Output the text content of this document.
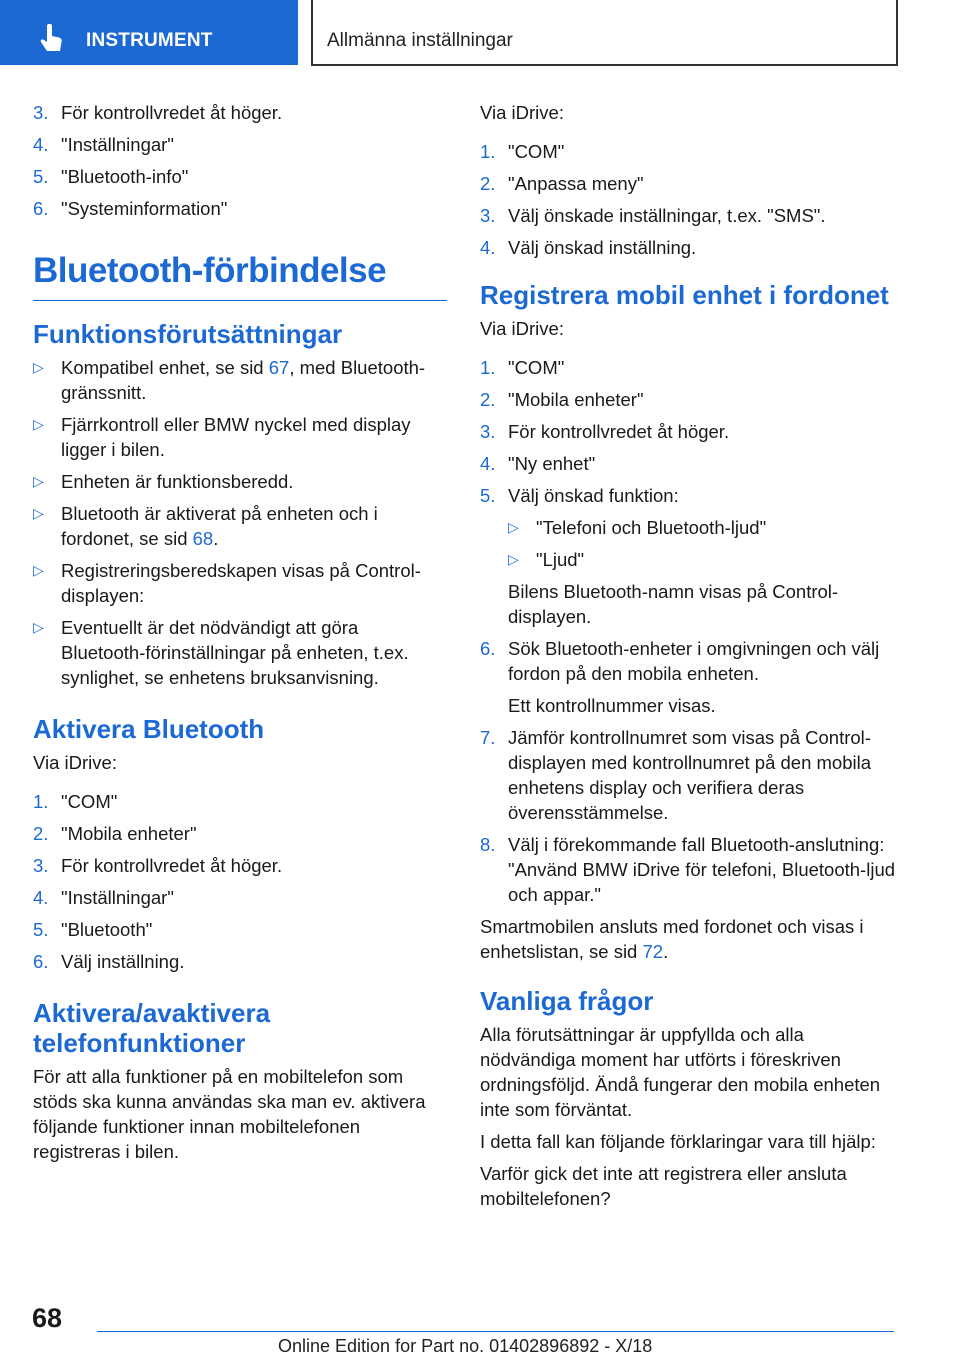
INSTRUMENT	Allmänna inställningar
3. För kontrollvredet åt höger.
4. "Inställningar"
5. "Bluetooth-info"
6. "Systeminformation"
Bluetooth-förbindelse
Funktionsförutsättningar
▷ Kompatibel enhet, se sid 67, med Bluetooth-gränssnitt.
▷ Fjärrkontroll eller BMW nyckel med display ligger i bilen.
▷ Enheten är funktionsberedd.
▷ Bluetooth är aktiverat på enheten och i fordonet, se sid 68.
▷ Registreringsberedskapen visas på Control-displayen:
▷ Eventuellt är det nödvändigt att göra Bluetooth-förinställningar på enheten, t.ex. synlighet, se enhetens bruksanvisning.
Aktivera Bluetooth

Via iDrive:

1. "COM"
2. "Mobila enheter"
3. För kontrollvredet åt höger.
4. "Inställningar"
5. "Bluetooth"
6. Välj inställning.
Aktivera/avaktivera telefonfunktioner

För att alla funktioner på en mobiltelefon som stöds ska kunna användas ska man ev. aktivera följande funktioner innan mobiltelefonen registreras i bilen.

Via iDrive:

1. "COM"
2. "Anpassa meny"
3. Välj önskade inställningar, t.ex. "SMS".
4. Välj önskad inställning.
Registrera mobil enhet i fordonet

Via iDrive:

1. "COM"
2. "Mobila enheter"
3. För kontrollvredet åt höger.
4. "Ny enhet"
5. Välj önskad funktion:
▷ "Telefoni och Bluetooth-ljud"
▷ "Ljud"
Bilens Bluetooth-namn visas på Control-displayen.
6. Sök Bluetooth-enheter i omgivningen och välj fordon på den mobila enheten.
Ett kontrollnummer visas.
7. Jämför kontrollnumret som visas på Control-displayen med kontrollnumret på den mobila enhetens display och verifiera deras överensstämmelse.
8. Välj i förekommande fall Bluetooth-anslutning: "Använd BMW iDrive för telefoni, Bluetooth-ljud och appar."

Smartmobilen ansluts med fordonet och visas i enhetslistan, se sid 72.

Vanliga frågor

Alla förutsättningar är uppfyllda och alla nödvändiga moment har utförts i föreskriven ordningsföljd. Ändå fungerar den mobila enheten inte som förväntat.

I detta fall kan följande förklaringar vara till hjälp:

Varför gick det inte att registrera eller ansluta mobiltelefonen?

68
Online Edition for Part no. 01402896892 - X/18
